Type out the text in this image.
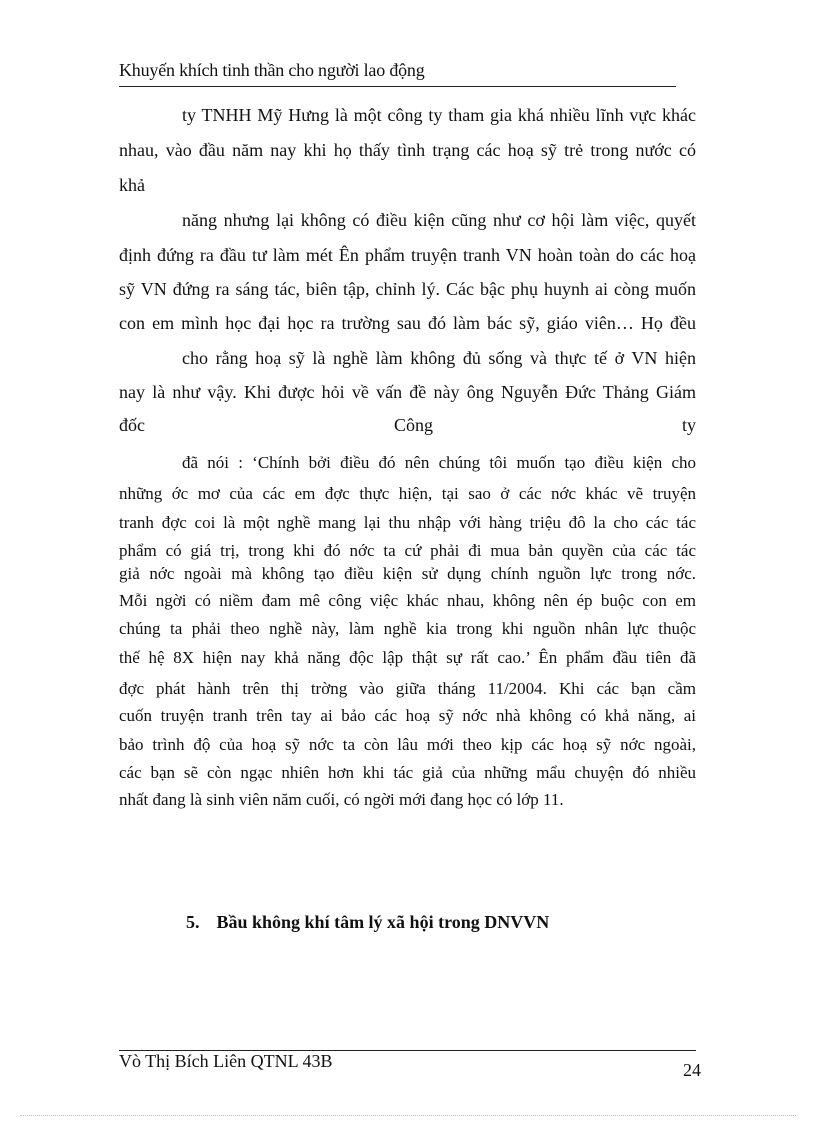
Khuyến khích tinh thần cho người lao động
ty TNHH Mỹ Hưng là một công ty tham gia khá nhiều lĩnh vực khác
nhau, vào đầu năm nay khi họ thấy tình trạng các hoạ sỹ trẻ trong nước có
khả
năng nhưng lại không có điều kiện cũng như cơ hội làm việc, quyết
định đứng ra đầu tư làm mét Ên phẩm truyện tranh VN hoàn toàn do các hoạ
sỹ VN đứng ra sáng tác, biên tập, chỉnh lý. Các bậc phụ huynh ai còng muốn
con em mình học đại học ra trường sau đó làm bác sỹ, giáo viên… Họ đều
cho rằng hoạ sỹ là nghề làm không đủ sống và thực tế ở VN hiện
nay là như vậy. Khi được hỏi về vấn đề này ông Nguyễn Đức Thảng Giám
đốc	Công	ty
đã nói : ‘Chính bởi điều đó nên chúng tôi muốn tạo điều kiện cho
những ớc mơ của các em đợc thực hiện, tại sao ở các nớc khác vẽ truyện
tranh đợc coi là một nghề mang lại thu nhập với hàng triệu đô la cho các tác
phẩm có giá trị, trong khi đó nớc ta cứ phải đi mua bản quyền của các tác
giả nớc ngoài mà không tạo điều kiện sử dụng chính nguồn lực trong nớc.
Mỗi ngời có niềm đam mê công việc khác nhau, không nên ép buộc con em
chúng ta phải theo nghề này, làm nghề kia trong khi nguồn nhân lực thuộc
thế hệ 8X hiện nay khả năng độc lập thật sự rất cao.’ Ên phẩm đầu tiên đã
đợc phát hành trên thị trờng vào giữa tháng 11/2004. Khi các bạn cầm
cuốn truyện tranh trên tay ai bảo các hoạ sỹ nớc nhà không có khả năng, ai
bảo trình độ của hoạ sỹ nớc ta còn lâu mới theo kịp các hoạ sỹ nớc ngoài,
các bạn sẽ còn ngạc nhiên hơn khi tác giả của những mẩu chuyện đó nhiều
nhất đang là sinh viên năm cuối, có ngời mới đang học có lớp 11.
5. Bầu không khí tâm lý xã hội trong DNVVN
Vò Thị Bích Liên QTNL 43B	24
